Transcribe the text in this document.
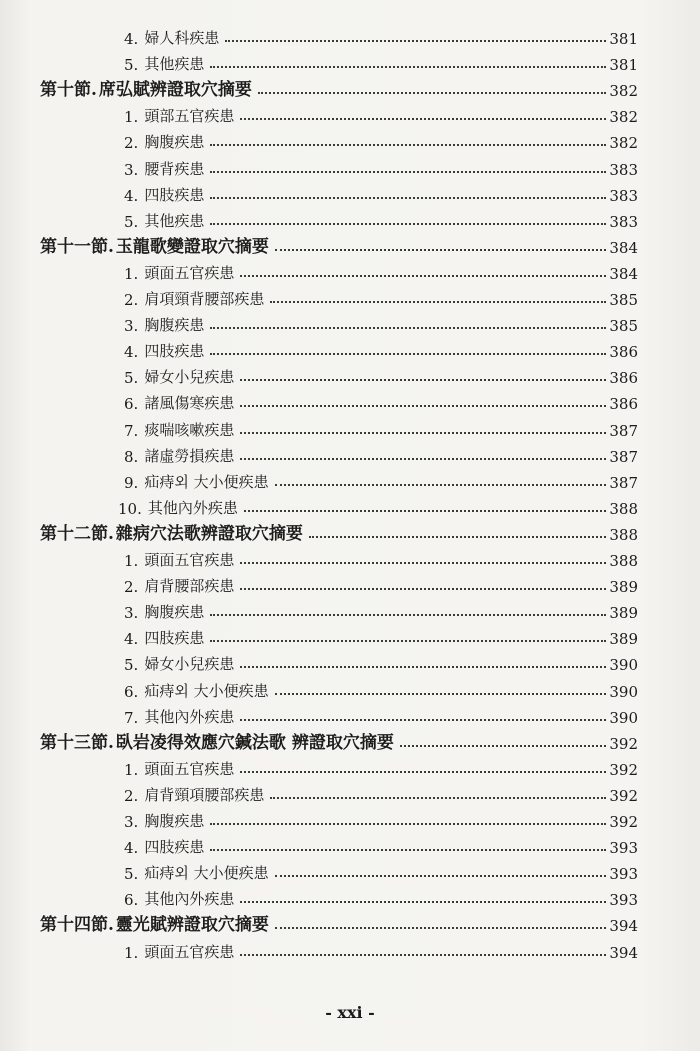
4. 婦人科疾患	381
5. 其他疾患	381
第十節. 席弘賦辨證取穴摘要	382
1. 頭部五官疾患	382
2. 胸腹疾患	382
3. 腰背疾患	383
4. 四肢疾患	383
5. 其他疾患	383
第十一節. 玉龍歌變證取穴摘要	384
1. 頭面五官疾患	384
2. 肩項頸背腰部疾患	385
3. 胸腹疾患	385
4. 四肢疾患	386
5. 婦女小兒疾患	386
6. 諸風傷寒疾患	386
7. 痰喘咳嗽疾患	387
8. 諸虛勞損疾患	387
9. 疝痔외 大小便疾患	387
10. 其他內外疾患	388
第十二節. 雜病穴法歌辨證取穴摘要	388
1. 頭面五官疾患	388
2. 肩背腰部疾患	389
3. 胸腹疾患	389
4. 四肢疾患	389
5. 婦女小兒疾患	390
6. 疝痔외 大小便疾患	390
7. 其他內外疾患	390
第十三節. 臥岩凌得效應穴鍼法歌 辨證取穴摘要	392
1. 頭面五官疾患	392
2. 肩背頸項腰部疾患	392
3. 胸腹疾患	392
4. 四肢疾患	393
5. 疝痔외 大小便疾患	393
6. 其他內外疾患	393
第十四節. 靈光賦辨證取穴摘要	394
1. 頭面五官疾患	394
- xxi -
